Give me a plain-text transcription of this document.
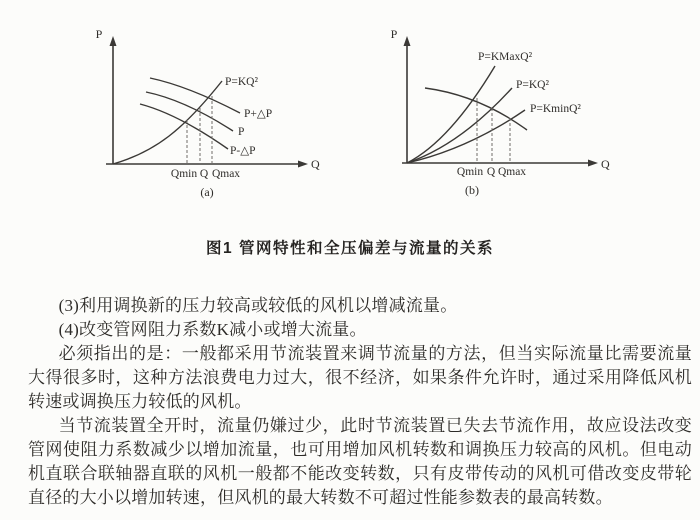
P
Q
P=KQ²
P+△P
P
P-△P
Qmin Q Qmax
(a)
P
Q
P=KMaxQ²
P=KQ²
P=KminQ²
Qmin Q Qmax
(b)
图1 管网特性和全压偏差与流量的关系

(3)利用调换新的压力较高或较低的风机以增减流量。

(4)改变管网阻力系数K减小或增大流量。

必须指出的是：一般都采用节流装置来调节流量的方法，但当实际流量比需要流量大得很多时，这种方法浪费电力过大，很不经济，如果条件允许时，通过采用降低风机转速或调换压力较低的风机。

当节流装置全开时，流量仍嫌过少，此时节流装置已失去节流作用，故应设法改变管网使阻力系数减少以增加流量，也可用增加风机转数和调换压力较高的风机。但电动机直联合联轴器直联的风机一般都不能改变转数，只有皮带传动的风机可借改变皮带轮直径的大小以增加转速，但风机的最大转数不可超过性能参数表的最高转数。
